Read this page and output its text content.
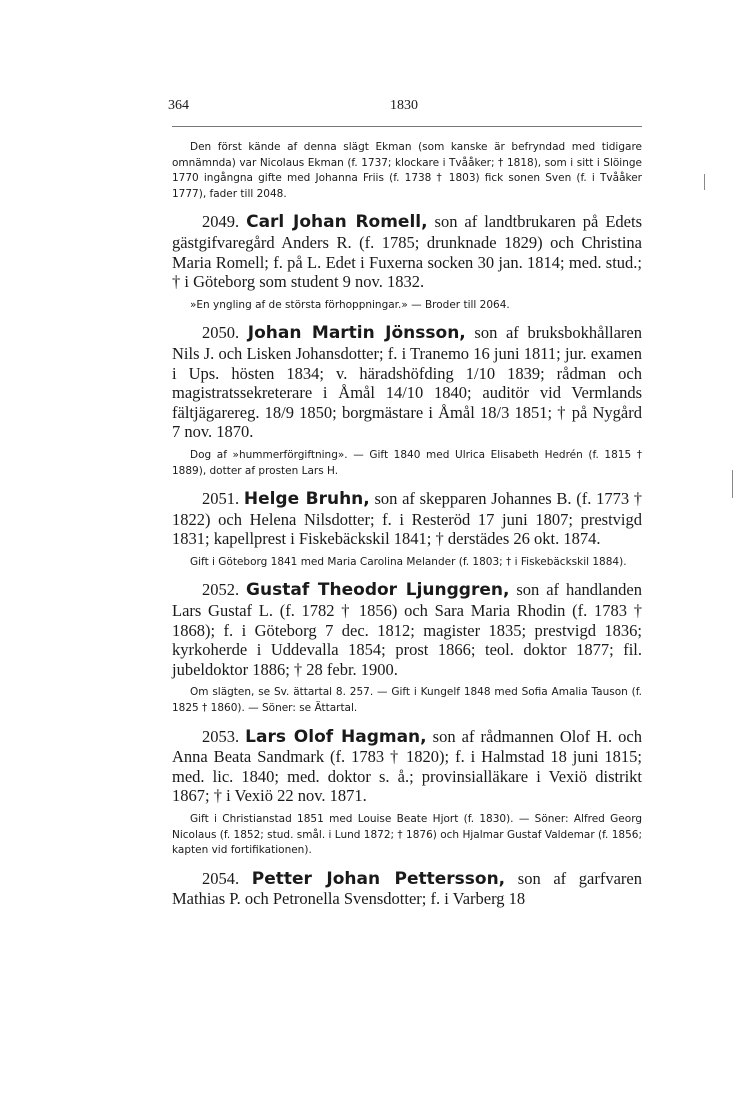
364	1830

Den först kände af denna slägt Ekman (som kanske är befryndad med tidigare omnämnda) var Nicolaus Ekman (f. 1737; klockare i Tvååker; † 1818), som i sitt i Slöinge 1770 ingångna gifte med Johanna Friis (f. 1738 † 1803) fick sonen Sven (f. i Tvååker 1777), fader till 2048.

2049. Carl Johan Romell, son af landtbrukaren på Edets gästgifvaregård Anders R. (f. 1785; drunknade 1829) och Christina Maria Romell; f. på L. Edet i Fuxerna socken 30 jan. 1814; med. stud.; † i Göteborg som student 9 nov. 1832.

»En yngling af de största förhoppningar.» — Broder till 2064.

2050. Johan Martin Jönsson, son af bruksbokhållaren Nils J. och Lisken Johansdotter; f. i Tranemo 16 juni 1811; jur. examen i Ups. hösten 1834; v. häradshöfding 1/10 1839; rådman och magistratssekreterare i Åmål 14/10 1840; auditör vid Vermlands fältjägarereg. 18/9 1850; borgmästare i Åmål 18/3 1851; † på Nygård 7 nov. 1870.

Dog af »hummerförgiftning». — Gift 1840 med Ulrica Elisabeth Hedrén (f. 1815 † 1889), dotter af prosten Lars H.

2051. Helge Bruhn, son af skepparen Johannes B. (f. 1773 † 1822) och Helena Nilsdotter; f. i Resteröd 17 juni 1807; prestvigd 1831; kapellprest i Fiskebäckskil 1841; † derstädes 26 okt. 1874.

Gift i Göteborg 1841 med Maria Carolina Melander (f. 1803; † i Fiskebäckskil 1884).

2052. Gustaf Theodor Ljunggren, son af handlanden Lars Gustaf L. (f. 1782 † 1856) och Sara Maria Rhodin (f. 1783 † 1868); f. i Göteborg 7 dec. 1812; magister 1835; prestvigd 1836; kyrkoherde i Uddevalla 1854; prost 1866; teol. doktor 1877; fil. jubeldoktor 1886; † 28 febr. 1900.

Om slägten, se Sv. ättartal 8. 257. — Gift i Kungelf 1848 med Sofia Amalia Tauson (f. 1825 † 1860). — Söner: se Ättartal.

2053. Lars Olof Hagman, son af rådmannen Olof H. och Anna Beata Sandmark (f. 1783 † 1820); f. i Halmstad 18 juni 1815; med. lic. 1840; med. doktor s. å.; provinsialläkare i Vexiö distrikt 1867; † i Vexiö 22 nov. 1871.

Gift i Christianstad 1851 med Louise Beate Hjort (f. 1830). — Söner: Alfred Georg Nicolaus (f. 1852; stud. smål. i Lund 1872; † 1876) och Hjalmar Gustaf Valdemar (f. 1856; kapten vid fortifikationen).

2054. Petter Johan Pettersson, son af garfvaren Mathias P. och Petronella Svensdotter; f. i Varberg 18
